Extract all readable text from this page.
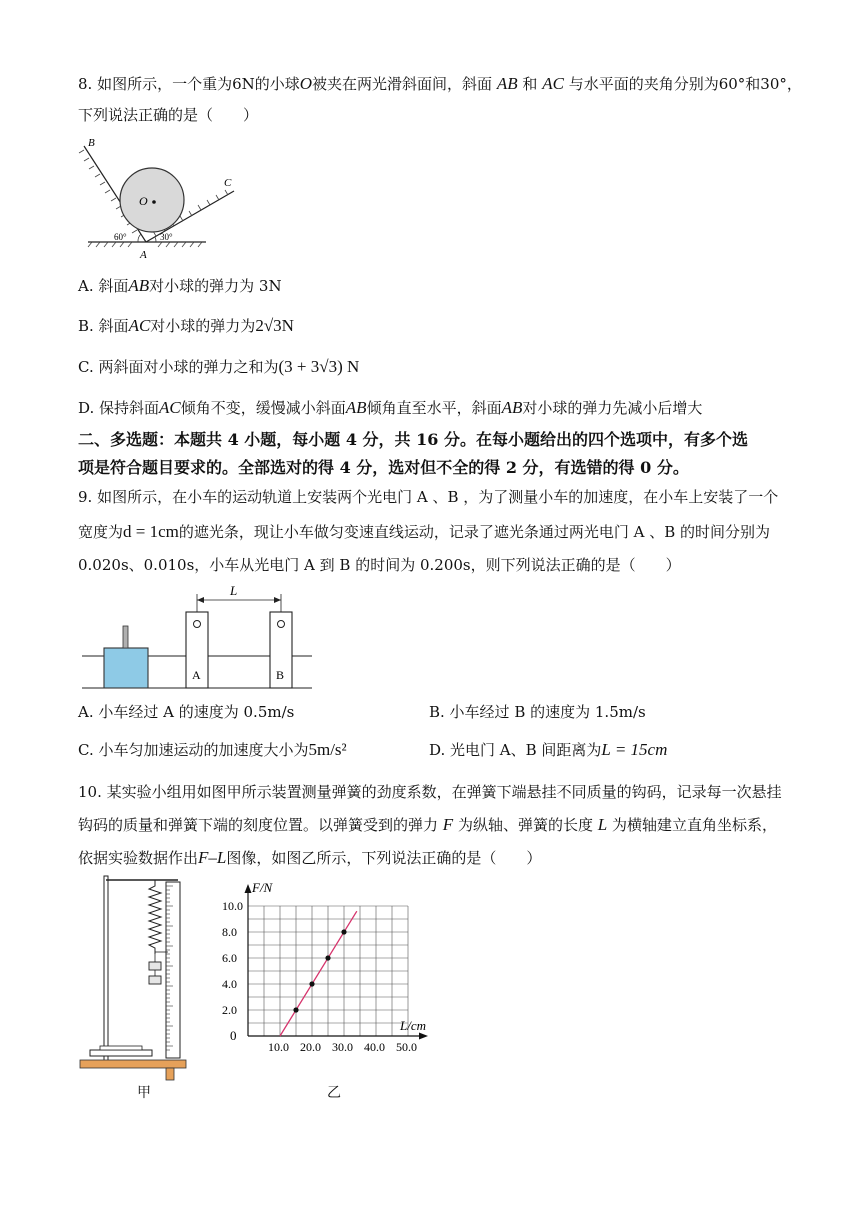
8. 如图所示，一个重为6N的小球O被夹在两光滑斜面间，斜面 AB 和 AC 与水平面的夹角分别为60°和30°，
下列说法正确的是（　　）
B
C
O
A
60°	30°
A. 斜面AB对小球的弹力为 3N
B. 斜面AC对小球的弹力为2√3N
C. 两斜面对小球的弹力之和为(3 + 3√3) N
D. 保持斜面AC倾角不变，缓慢减小斜面AB倾角直至水平，斜面AB对小球的弹力先减小后增大
二、多选题：本题共 4 小题，每小题 4 分，共 16 分。在每小题给出的四个选项中，有多个选
项是符合题目要求的。全部选对的得 4 分，选对但不全的得 2 分，有选错的得 0 分。
9. 如图所示，在小车的运动轨道上安装两个光电门 A 、B ，为了测量小车的加速度，在小车上安装了一个
宽度为d = 1cm的遮光条，现让小车做匀变速直线运动，记录了遮光条通过两光电门 A 、B 的时间分别为
0.020s、0.010s，小车从光电门 A 到 B 的时间为 0.200s，则下列说法正确的是（　　）
L
A	B
A. 小车经过 A 的速度为 0.5m/s	B. 小车经过 B 的速度为 1.5m/s
C. 小车匀加速运动的加速度大小为5m/s²	D. 光电门 A、B 间距离为L = 15cm
10. 某实验小组用如图甲所示装置测量弹簧的劲度系数，在弹簧下端悬挂不同质量的钩码，记录每一次悬挂
钩码的质量和弹簧下端的刻度位置。以弹簧受到的弹力 F 为纵轴、弹簧的长度 L 为横轴建立直角坐标系，
依据实验数据作出F–L图像，如图乙所示，下列说法正确的是（　　）
甲
10.0 20.0 30.0 40.0 50.0
2.0
4.0
6.0
8.0
10.0
F/N
L/cm
0
乙
